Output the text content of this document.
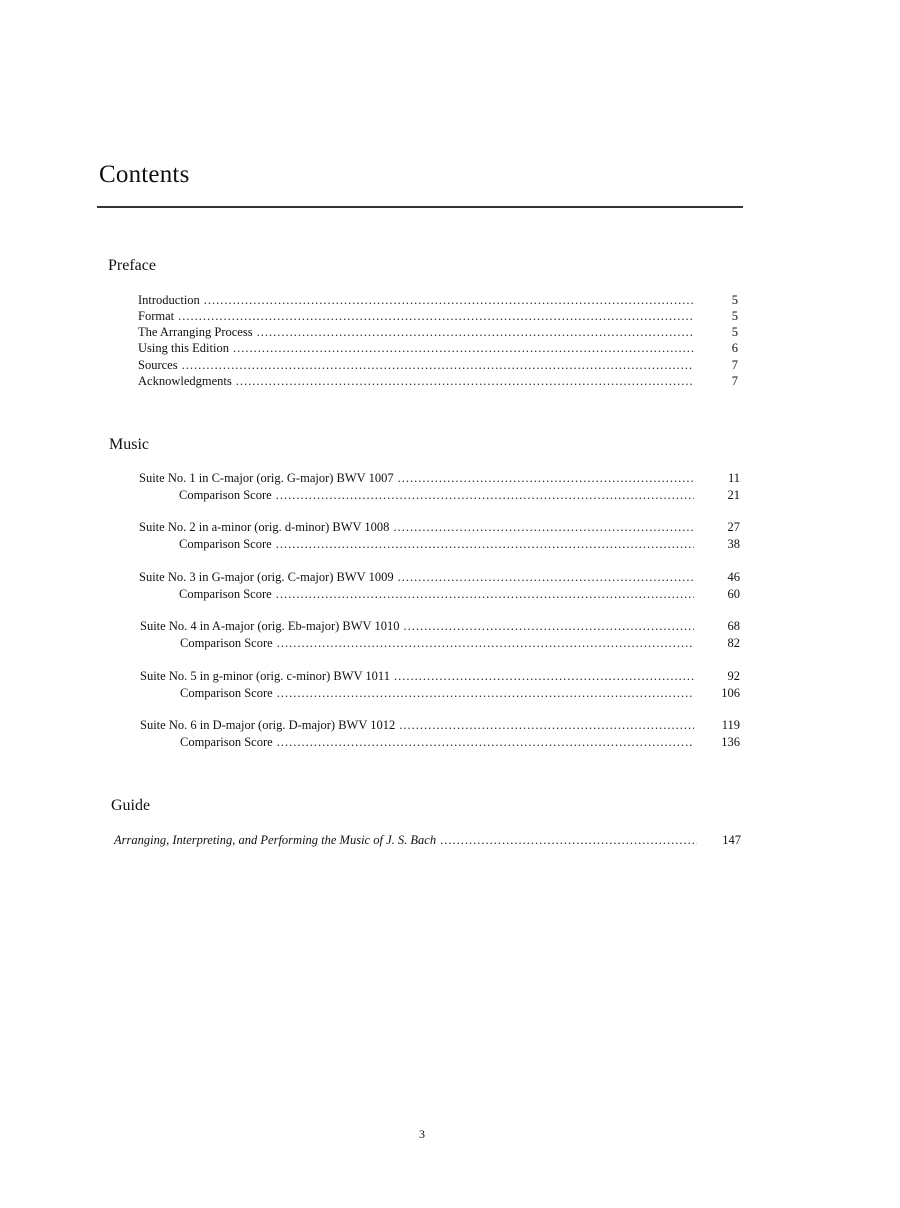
Contents
Preface
Introduction .....	5
Format .....	5
The Arranging Process .....	5
Using this Edition .....	6
Sources .....	7
Acknowledgments .....	7
Music
Suite No. 1 in C-major (orig. G-major) BWV 1007 .....	11
Comparison Score .....	21
Suite No. 2 in a-minor (orig. d-minor) BWV 1008 .....	27
Comparison Score .....	38
Suite No. 3 in G-major (orig. C-major) BWV 1009 .....	46
Comparison Score .....	60
Suite No. 4 in A-major (orig. Eb-major) BWV 1010 .....	68
Comparison Score .....	82
Suite No. 5 in g-minor (orig. c-minor) BWV 1011 .....	92
Comparison Score .....	106
Suite No. 6 in D-major (orig. D-major) BWV 1012 .....	119
Comparison Score .....	136
Guide
Arranging, Interpreting, and Performing the Music of J. S. Bach .....	147
3
